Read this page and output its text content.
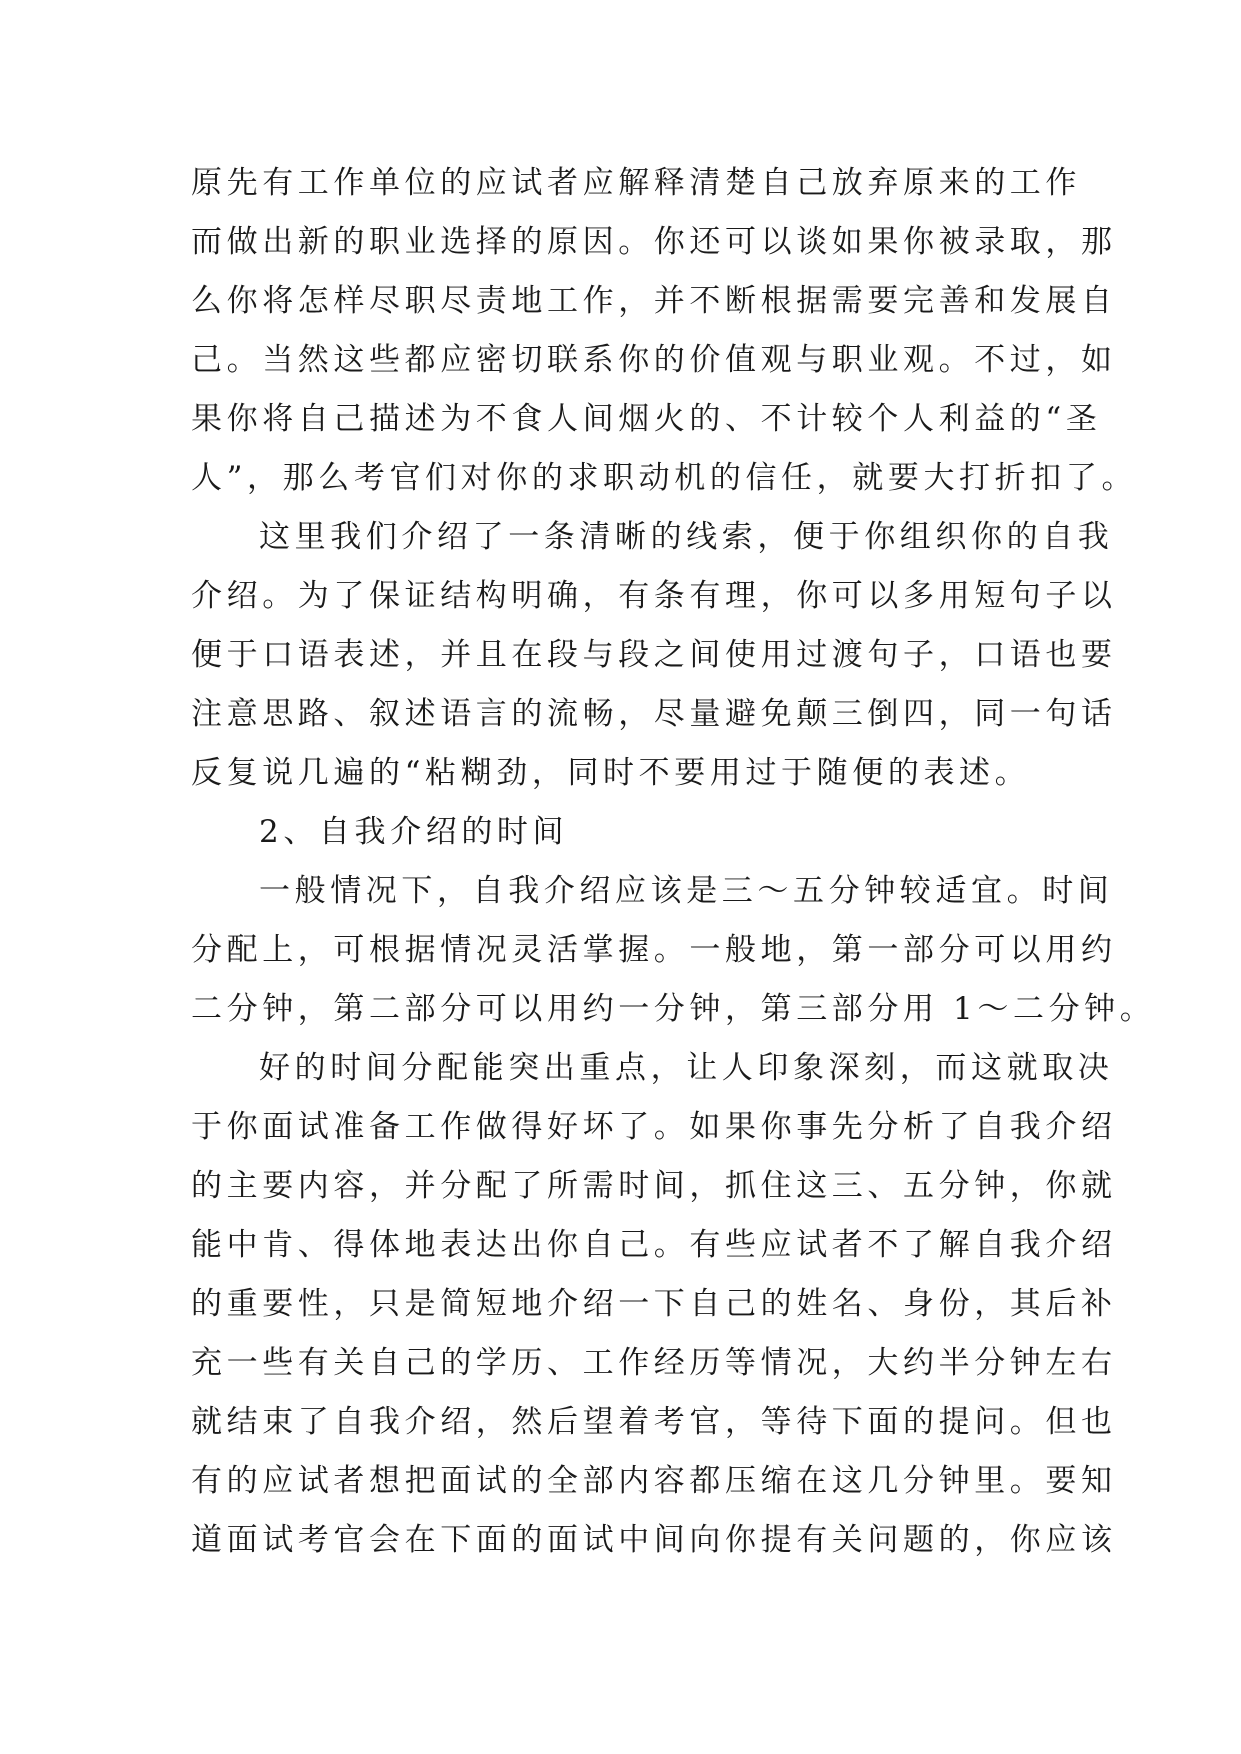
原先有工作单位的应试者应解释清楚自己放弃原来的工作
而做出新的职业选择的原因。你还可以谈如果你被录取，那
么你将怎样尽职尽责地工作，并不断根据需要完善和发展自
己。当然这些都应密切联系你的价值观与职业观。不过，如
果你将自己描述为不食人间烟火的、不计较个人利益的“圣
人”，那么考官们对你的求职动机的信任，就要大打折扣了。
这里我们介绍了一条清晰的线索，便于你组织你的自我
介绍。为了保证结构明确，有条有理，你可以多用短句子以
便于口语表述，并且在段与段之间使用过渡句子，口语也要
注意思路、叙述语言的流畅，尽量避免颠三倒四，同一句话
反复说几遍的“粘糊劲，同时不要用过于随便的表述。
2、自我介绍的时间
一般情况下，自我介绍应该是三～五分钟较适宜。时间
分配上，可根据情况灵活掌握。一般地，第一部分可以用约
二分钟，第二部分可以用约一分钟，第三部分用 1～二分钟。
好的时间分配能突出重点，让人印象深刻，而这就取决
于你面试准备工作做得好坏了。如果你事先分析了自我介绍
的主要内容，并分配了所需时间，抓住这三、五分钟，你就
能中肯、得体地表达出你自己。有些应试者不了解自我介绍
的重要性，只是简短地介绍一下自己的姓名、身份，其后补
充一些有关自己的学历、工作经历等情况，大约半分钟左右
就结束了自我介绍，然后望着考官，等待下面的提问。但也
有的应试者想把面试的全部内容都压缩在这几分钟里。要知
道面试考官会在下面的面试中间向你提有关问题的，你应该
